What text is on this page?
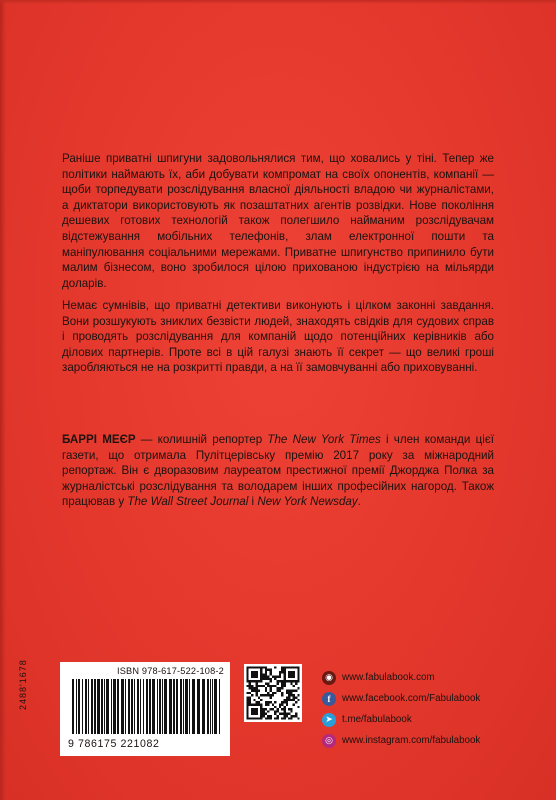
Раніше приватні шпигуни задовольнялися тим, що ховались у тіні. Тепер же політики наймають їх, аби добувати компромат на своїх опонентів, компанії — щоби торпедувати розслідування власної діяльності владою чи журналістами, а диктатори використовують як позаштатних агентів розвідки. Нове покоління дешевих готових технологій також полегшило найманим розслідувачам відстежування мобільних телефонів, злам електронної пошти та маніпулювання соціальними мережами. Приватне шпигунство припинило бути малим бізнесом, воно зробилося цілою прихованою індустрією на мільярди доларів.

Немає сумнівів, що приватні детективи виконують і цілком законні завдання. Вони розшукують зниклих безвісти людей, знаходять свідків для судових справ і проводять розслідування для компаній щодо потенційних керівників або ділових партнерів. Проте всі в цій галузі знають її секрет — що великі гроші заробляються не на розкритті правди, а на її замовчуванні або приховуванні.

БАРРІ МЕЄР — колишній репортер The New York Times і член команди цієї газети, що отримала Пулітцерівську премію 2017 року за міжнародний репортаж. Він є дворазовим лауреатом престижної премії Джорджа Полка за журналістські розслідування та володарем інших професійних нагород. Також працював у The Wall Street Journal і New York Newsday.

ISBN 978-617-522-108-2
9 786175 221082
2488'1678	◉ www.fabulabook.com
f	www.facebook.com/Fabulabook
➤ t.me/fabulabook
◎ www.instagram.com/fabulabook
